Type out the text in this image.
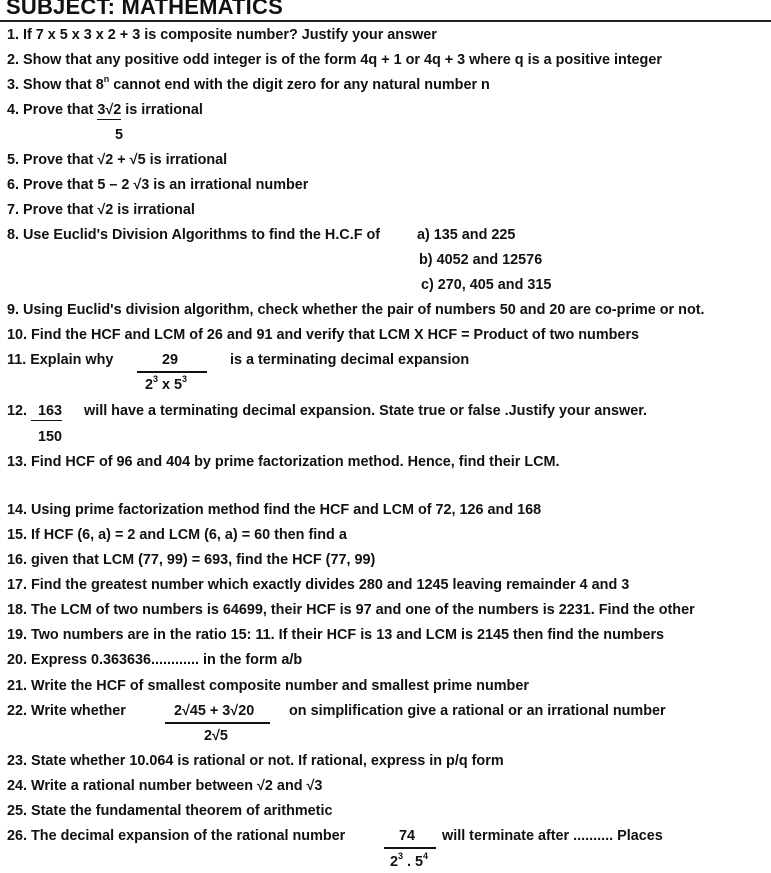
SUBJECT: MATHEMATICS
1. If 7 x 5 x 3 x 2 + 3 is composite number? Justify your answer
2. Show that any positive odd integer is of the form 4q + 1 or 4q + 3 where q is a positive integer
3. Show that 8$^n$ cannot end with the digit zero for any natural number n
4. Prove that 3√2 is irrational
5
5. Prove that √2 + √5 is irrational
6. Prove that 5 – 2 √3 is an irrational number
7. Prove that √2 is irrational
8. Use Euclid's Division Algorithms to find the H.C.F of	a) 135 and 225
b) 4052 and 12576
c) 270, 405 and 315
9. Using Euclid's division algorithm, check whether the pair of numbers 50 and 20 are co-prime or not.
10. Find the HCF and LCM of 26 and 91 and verify that LCM X HCF = Product of two numbers
11. Explain why	29	is a terminating decimal expansion
$2^3$ x $5^3$
12. 163 will have a terminating decimal expansion. State true or false .Justify your answer.
150
13. Find HCF of 96 and 404 by prime factorization method. Hence, find their LCM.
14. Using prime factorization method find the HCF and LCM of 72, 126 and 168
15. If HCF (6, a) = 2 and LCM (6, a) = 60 then find a
16. given that LCM (77, 99) = 693, find the HCF (77, 99)
17. Find the greatest number which exactly divides 280 and 1245 leaving remainder 4 and 3
18. The LCM of two numbers is 64699, their HCF is 97 and one of the numbers is 2231. Find the other
19. Two numbers are in the ratio 15: 11. If their HCF is 13 and LCM is 2145 then find the numbers
20. Express 0.363636............ in the form a/b
21. Write the HCF of smallest composite number and smallest prime number
22. Write whether	2√45 + 3√20 on simplification give a rational or an irrational number
2√5
23. State whether 10.064 is rational or not. If rational, express in p/q form
24. Write a rational number between √2 and √3
25. State the fundamental theorem of arithmetic
26. The decimal expansion of the rational number	74 will terminate after .......... Places
$2^3$ . $5^4$
